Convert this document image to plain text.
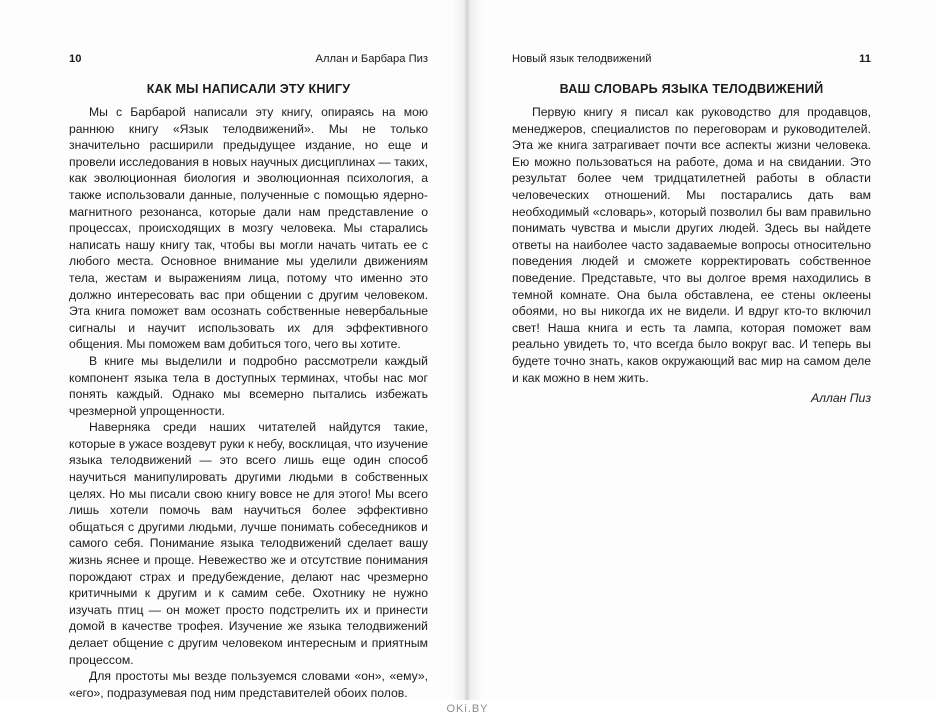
10	Аллан и Барбара Пиз
КАК МЫ НАПИСАЛИ ЭТУ КНИГУ

Мы с Барбарой написали эту книгу, опираясь на мою раннюю книгу «Язык телодвижений». Мы не только значительно расширили предыдущее издание, но еще и провели исследования в новых научных дисциплинах — таких, как эволюционная биология и эволюционная психология, а также использовали данные, полученные с помощью ядерно-магнитного резонанса, которые дали нам представление о процессах, происходящих в мозгу человека. Мы старались написать нашу книгу так, чтобы вы могли начать читать ее с любого места. Основное внимание мы уделили движениям тела, жестам и выражениям лица, потому что именно это должно интересовать вас при общении с другим человеком. Эта книга поможет вам осознать собственные невербальные сигналы и научит использовать их для эффективного общения. Мы поможем вам добиться того, чего вы хотите.

В книге мы выделили и подробно рассмотрели каждый компонент языка тела в доступных терминах, чтобы нас мог понять каждый. Однако мы всемерно пытались избежать чрезмерной упрощенности.

Наверняка среди наших читателей найдутся такие, которые в ужасе воздевут руки к небу, восклицая, что изучение языка телодвижений — это всего лишь еще один способ научиться манипулировать другими людьми в собственных целях. Но мы писали свою книгу вовсе не для этого! Мы всего лишь хотели помочь вам научиться более эффективно общаться с другими людьми, лучше понимать собеседников и самого себя. Понимание языка телодвижений сделает вашу жизнь яснее и проще. Невежество же и отсутствие понимания порождают страх и предубеждение, делают нас чрезмерно критичными к другим и к самим себе. Охотнику не нужно изучать птиц — он может просто подстрелить их и принести домой в качестве трофея. Изучение же языка телодвижений делает общение с другим человеком интересным и приятным процессом.

Для простоты мы везде пользуемся словами «он», «ему», «его», подразумевая под ним представителей обоих полов.

Новый язык телодвижений	11
ВАШ СЛОВАРЬ ЯЗЫКА ТЕЛОДВИЖЕНИЙ

Первую книгу я писал как руководство для продавцов, менеджеров, специалистов по переговорам и руководителей. Эта же книга затрагивает почти все аспекты жизни человека. Ею можно пользоваться на работе, дома и на свидании. Это результат более чем тридцатилетней работы в области человеческих отношений. Мы постарались дать вам необходимый «словарь», который позволил бы вам правильно понимать чувства и мысли других людей. Здесь вы найдете ответы на наиболее часто задаваемые вопросы относительно поведения людей и сможете корректировать собственное поведение. Представьте, что вы долгое время находились в темной комнате. Она была обставлена, ее стены оклеены обоями, но вы никогда их не видели. И вдруг кто-то включил свет! Наша книга и есть та лампа, которая поможет вам реально увидеть то, что всегда было вокруг вас. И теперь вы будете точно знать, каков окружающий вас мир на самом деле и как можно в нем жить.

Аллан Пиз
OKi.BY
